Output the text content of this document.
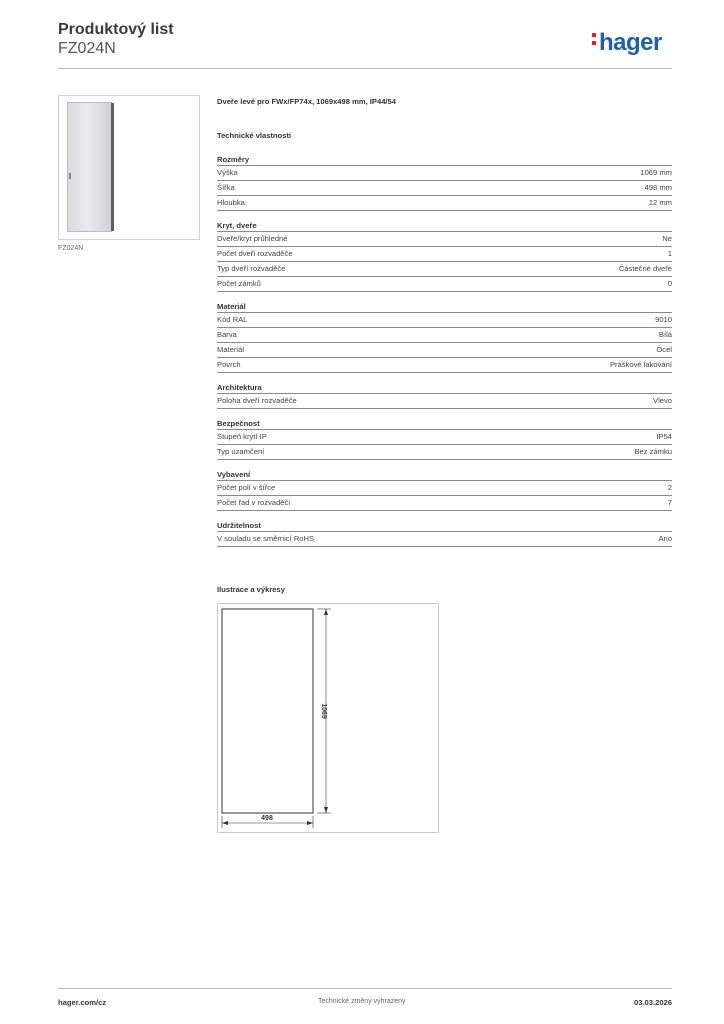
Produktový list
FZ024N	hager
FZ024N
Dveře levé pro FWx/FP74x, 1069x498 mm, IP44/54
Technické vlastnosti
Rozměry
Výška	1069 mm
Šířka	498 mm
Hloubka	12 mm
Kryt, dveře
Dveře/kryt průhledné	Ne
Počet dveří rozvaděče	1
Typ dveří rozvaděče	Částečné dveře
Počet zámků	0
Materiál
Kód RAL	9010
Barva	Bílá
Materiál	Ocel
Povrch	Práškové lakování
Architektura
Poloha dveří rozvaděče	Vlevo
Bezpečnost
Stupeň krytí IP	IP54
Typ uzamčení	Bez zámku
Vybavení
Počet polí v šířce	2
Počet řad v rozvaděči	7
Udržitelnost
V souladu se směrnicí RoHS	Ano
Ilustrace a výkresy
1069
498
hager.com/cz	Technické změny vyhrazeny	03.03.2026
